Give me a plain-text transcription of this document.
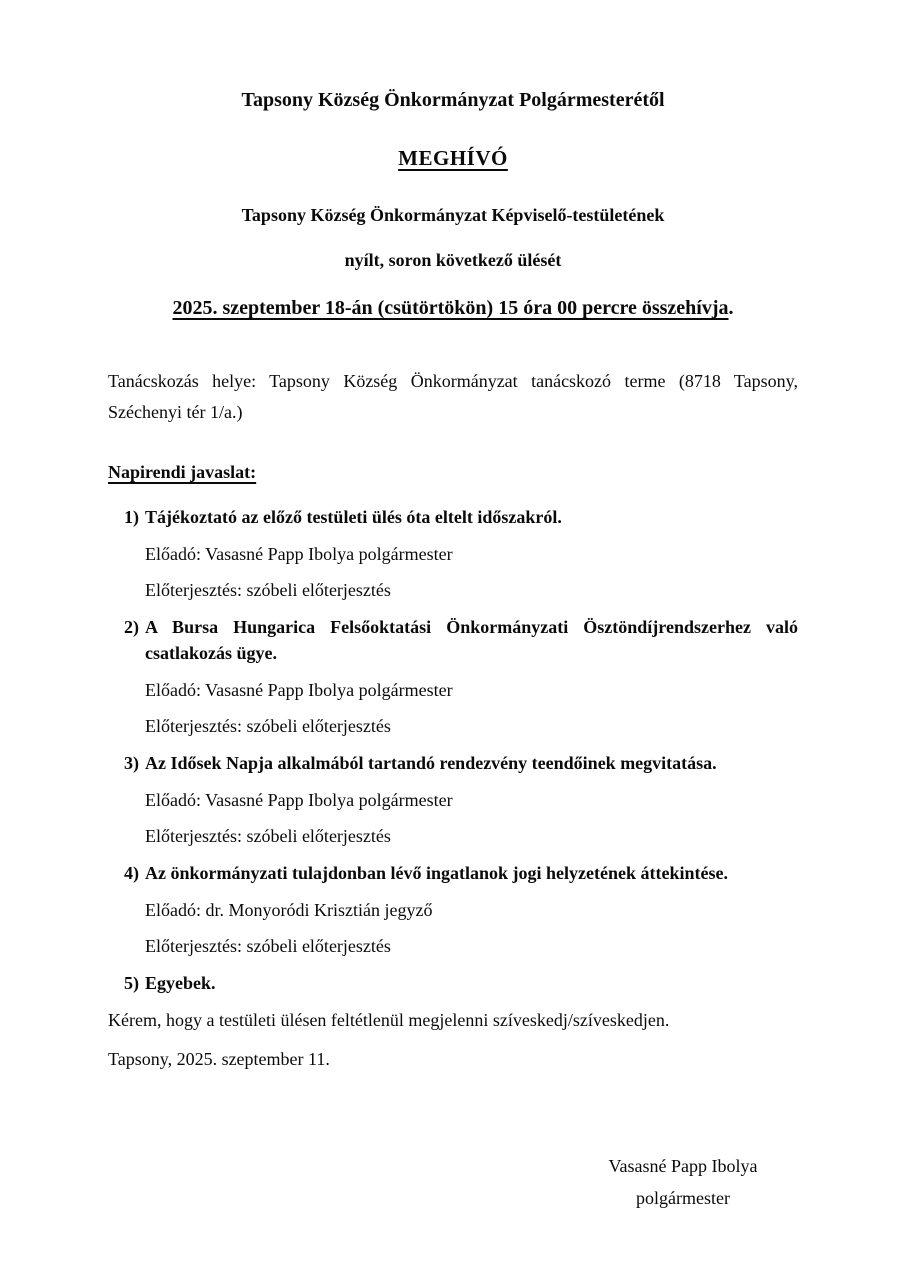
Tapsony Község Önkormányzat Polgármesterétől
MEGHÍVÓ
Tapsony Község Önkormányzat Képviselő-testületének
nyílt, soron következő ülését
2025. szeptember 18-án (csütörtökön) 15 óra 00 percre összehívja.

Tanácskozás helye: Tapsony Község Önkormányzat tanácskozó terme (8718 Tapsony, Széchenyi tér 1/a.)

Napirendi javaslat:
1) Tájékoztató az előző testületi ülés óta eltelt időszakról.
Előadó: Vasasné Papp Ibolya polgármester
Előterjesztés: szóbeli előterjesztés
2) A Bursa Hungarica Felsőoktatási Önkormányzati Ösztöndíjrendszerhez való csatlakozás ügye.
Előadó: Vasasné Papp Ibolya polgármester
Előterjesztés: szóbeli előterjesztés
3) Az Idősek Napja alkalmából tartandó rendezvény teendőinek megvitatása.
Előadó: Vasasné Papp Ibolya polgármester
Előterjesztés: szóbeli előterjesztés
4) Az önkormányzati tulajdonban lévő ingatlanok jogi helyzetének áttekintése.
Előadó: dr. Monyoródi Krisztián jegyző
Előterjesztés: szóbeli előterjesztés
5) Egyebek.

Kérem, hogy a testületi ülésen feltétlenül megjelenni szíveskedj/szíveskedjen.

Tapsony, 2025. szeptember 11.

Vasasné Papp Ibolya
polgármester
